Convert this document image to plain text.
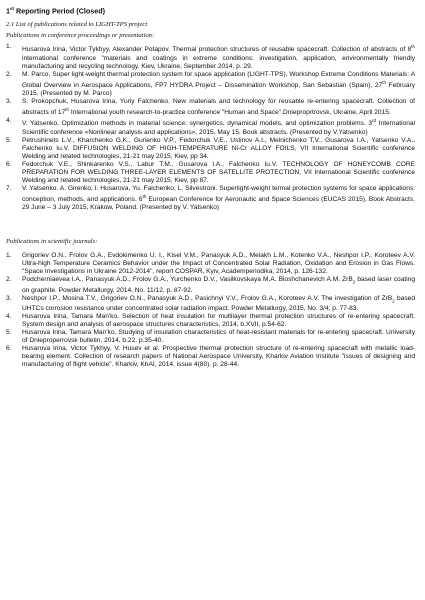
1st Reporting Period (Closed)
2.1 List of publications related to LIGHT-TPS project
Publications in conference proceedings or presentation:
1.	Husarova Irina, Victor Tykhyy, Alexander Potapov. Thermal protection structures of reusable spacecraft. Collection of abstracts of 8th international conference "materials and coatings in extreme conditions: investigation, application, environmentally friendly manufacturing and recycling technology. Kiev, Ukraine, September 2014, p. 29.
2.	M. Parco, Super light-weight thermal protection system for space application (LIGHT-TPS), Workshop Extreme Conditions Materials: A Global Overview in Aerospace Applications, FP7 HYDRA Project – Dissemination Workshop, San Sebastian (Spain), 27th February 2015. (Presented by M. Parco)
3.	S. Prokopchuk, Husarova Irina, Yuriy Falchenko. New materials and technology for reusable re-entering spacecraft. Collection of abstracts of 17th International youth research-to-practice conference "Human and Space".Dnieproprtrovsk, Ukraine, April 2015.
4.	V. Yatsenko. Optimization methods in material science: synergetics, dynamical models, and optimization problems. 3rd International Scientific conference «Nonlinear analysis and applications», 2015, May 15. Book abstracts. (Presented by V.Yatsenko)
5.	Petrushinets L.V., Kharchenko G.K., Gurienko V.P., Fedorchuk V.E., Ustinov A.I., Melnichenko T.V., Gusarova I.A., Yatsenko V.A., Falchenko Iu.V. DIFFUSION WELDING OF HIGH-TEMPERATURE Ni-Cr ALLOY FOILS, VII International Scientific conference Welding and related technologies, 21-21 may 2015, Kiev, pp 34.
6.	Fedorchuk V.E., Shinkarenko V.S., Labur T.M., Gusarova I.A., Falchenko Iu.V. TECHNOLOGY OF HONEYCOMB CORE PREPARATION FOR WELDING THREE-LAYER ELEMENTS OF SATELLITE PROTECTION, VII International Scientific conference Welding and related technologies, 21-21 may 2015, Kiev, pp 87.
7.	V. Yatsenko. A. Girenko, I. Husarova, Yu. Falchenko, L. Silvestroni. Superlight-weight termal protection systems for space applications: conception, methods, and applications. 6th European Conference for Aeronautic and Space Sciences (EUCAS 2015), Book Abstracts, 29 June – 3 July 2015, Krakow, Poland. (Presented by V. Yatsenko)
Publications in scientific journals:
1.	Grigoriev O.N., Frolov G.A., Evdokimenko U. I., Kisel V.M., Panasyuk A.D., Melakh L.M., Kotenko V.A., Neshpor I.P., Koroteev A.V. Ultra-high Temperature Ceramics Behavior under the Impact of Concentrated Solar Radiation, Oxidation and Erosion in Gas Flows. "Space Investigations in Ukraine 2012-2014", report COSPAR, Kyiv, Academperiodika, 2014, p. 126-132.
2.	Podcherniaevea I.A., Panasyuk A.D., Frolov G.A., Yurchenko D.V., Vasilkovskaya M.A. Bloshchanevich A.M. ZrB$_2$ based laser coating on graphite. Powder Metallurgy, 2014, No. 11/12, p. 87-92.
3.	Neshpor I.P., Mosina T.V., Grigoriev O.N., Panasyuk A.D., Pasichnyi V.V., Frolov G.A., Koroteev A.V. The investigation of ZrB$_2$ based UHTCs corrosion resistance under concentrated solar radiation impact. Powder Metallurgy, 2015, No. 3/4, p. 77-83.
4.	Husarova Irina, Tamara Man'ko. Selection of heat insulation for multilayer thermal protection structures of re-entering spacecraft. System design and analysis of aerospace structures characteristics, 2014, b.XVII, p.54-62.
5.	Husarova Irina, Tamara Man'ko, Studying of insulation characteristics of heat-resistant materials for re-entering spacecraft. University of Dnieproperrovsk bulletin, 2014, b.22. p.35-40.
6.	Husarova Irina, Victor Tykhyy, V. Husev et al. Prospective thermal protection structure of re-entering spacecraft with metallic load-bearing element. Collection of research papers of National Aerospace University, Kharkiv Aviation Institute "issues of designing and manufacturing of flight vehicle". Kharkiv, KhAI, 2014, issue 4(80). p. 28-44.
